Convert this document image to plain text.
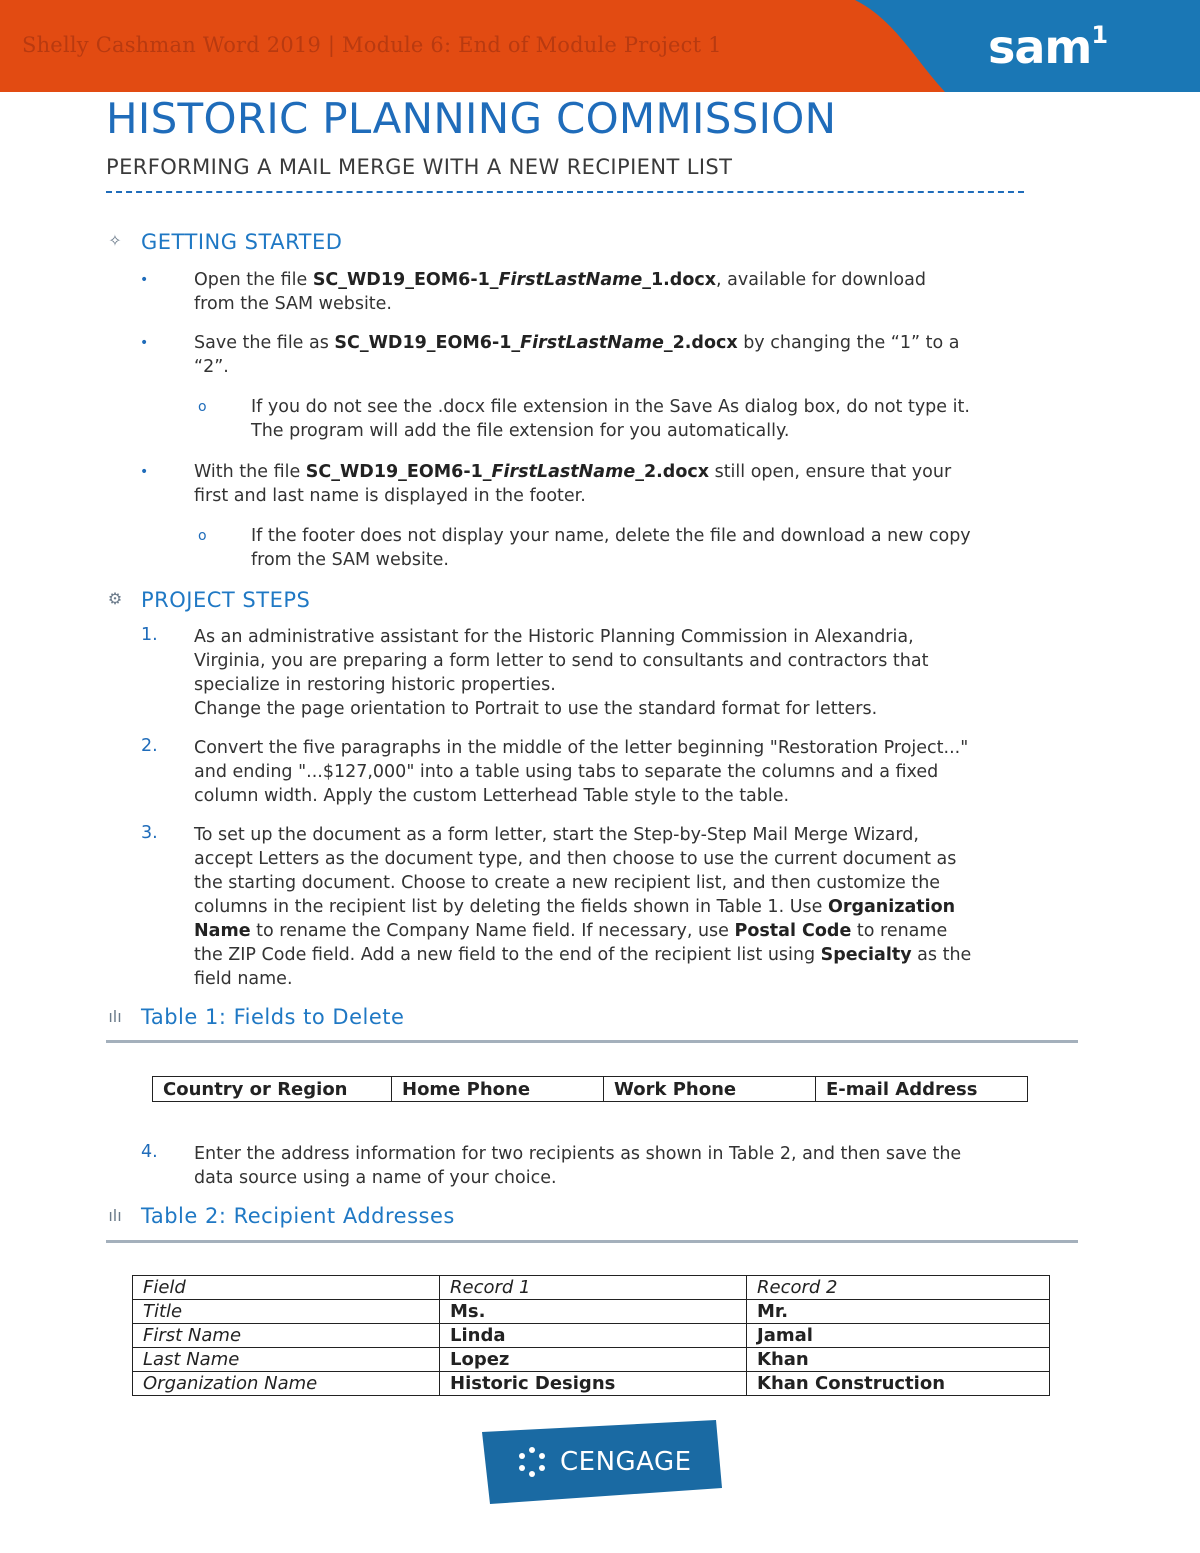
Shelly Cashman Word 2019 | Module 6: End of Module Project 1	sam$^1$
HISTORIC PLANNING COMMISSION
PERFORMING A MAIL MERGE WITH A NEW RECIPIENT LIST
✧ GETTING STARTED
•	Open the file SC_WD19_EOM6-1_FirstLastName_1.docx, available for download
from the SAM website.
•	Save the file as SC_WD19_EOM6-1_FirstLastName_2.docx by changing the “1” to a
“2”.
o	If you do not see the .docx file extension in the Save As dialog box, do not type it.
The program will add the file extension for you automatically.
•	With the file SC_WD19_EOM6-1_FirstLastName_2.docx still open, ensure that your
first and last name is displayed in the footer.
o	If the footer does not display your name, delete the file and download a new copy
from the SAM website.
⚙ PROJECT STEPS
1. As an administrative assistant for the Historic Planning Commission in Alexandria,
Virginia, you are preparing a form letter to send to consultants and contractors that
specialize in restoring historic properties.
Change the page orientation to Portrait to use the standard format for letters.
2. Convert the five paragraphs in the middle of the letter beginning "Restoration Project..."
and ending "...$127,000" into a table using tabs to separate the columns and a fixed
column width. Apply the custom Letterhead Table style to the table.
3. To set up the document as a form letter, start the Step-by-Step Mail Merge Wizard,
accept Letters as the document type, and then choose to use the current document as
the starting document. Choose to create a new recipient list, and then customize the
columns in the recipient list by deleting the fields shown in Table 1. Use Organization
Name to rename the Company Name field. If necessary, use Postal Code to rename
the ZIP Code field. Add a new field to the end of the recipient list using Specialty as the
field name.
ılı Table 1: Fields to Delete
Country or Region	Home Phone	Work Phone	E-mail Address
4. Enter the address information for two recipients as shown in Table 2, and then save the
data source using a name of your choice.
ılı Table 2: Recipient Addresses
Field	Record 1	Record 2
Title	Ms.	Mr.
First Name	Linda	Jamal
Last Name	Lopez	Khan
Organization Name	Historic Designs	Khan Construction
CENGAGE
